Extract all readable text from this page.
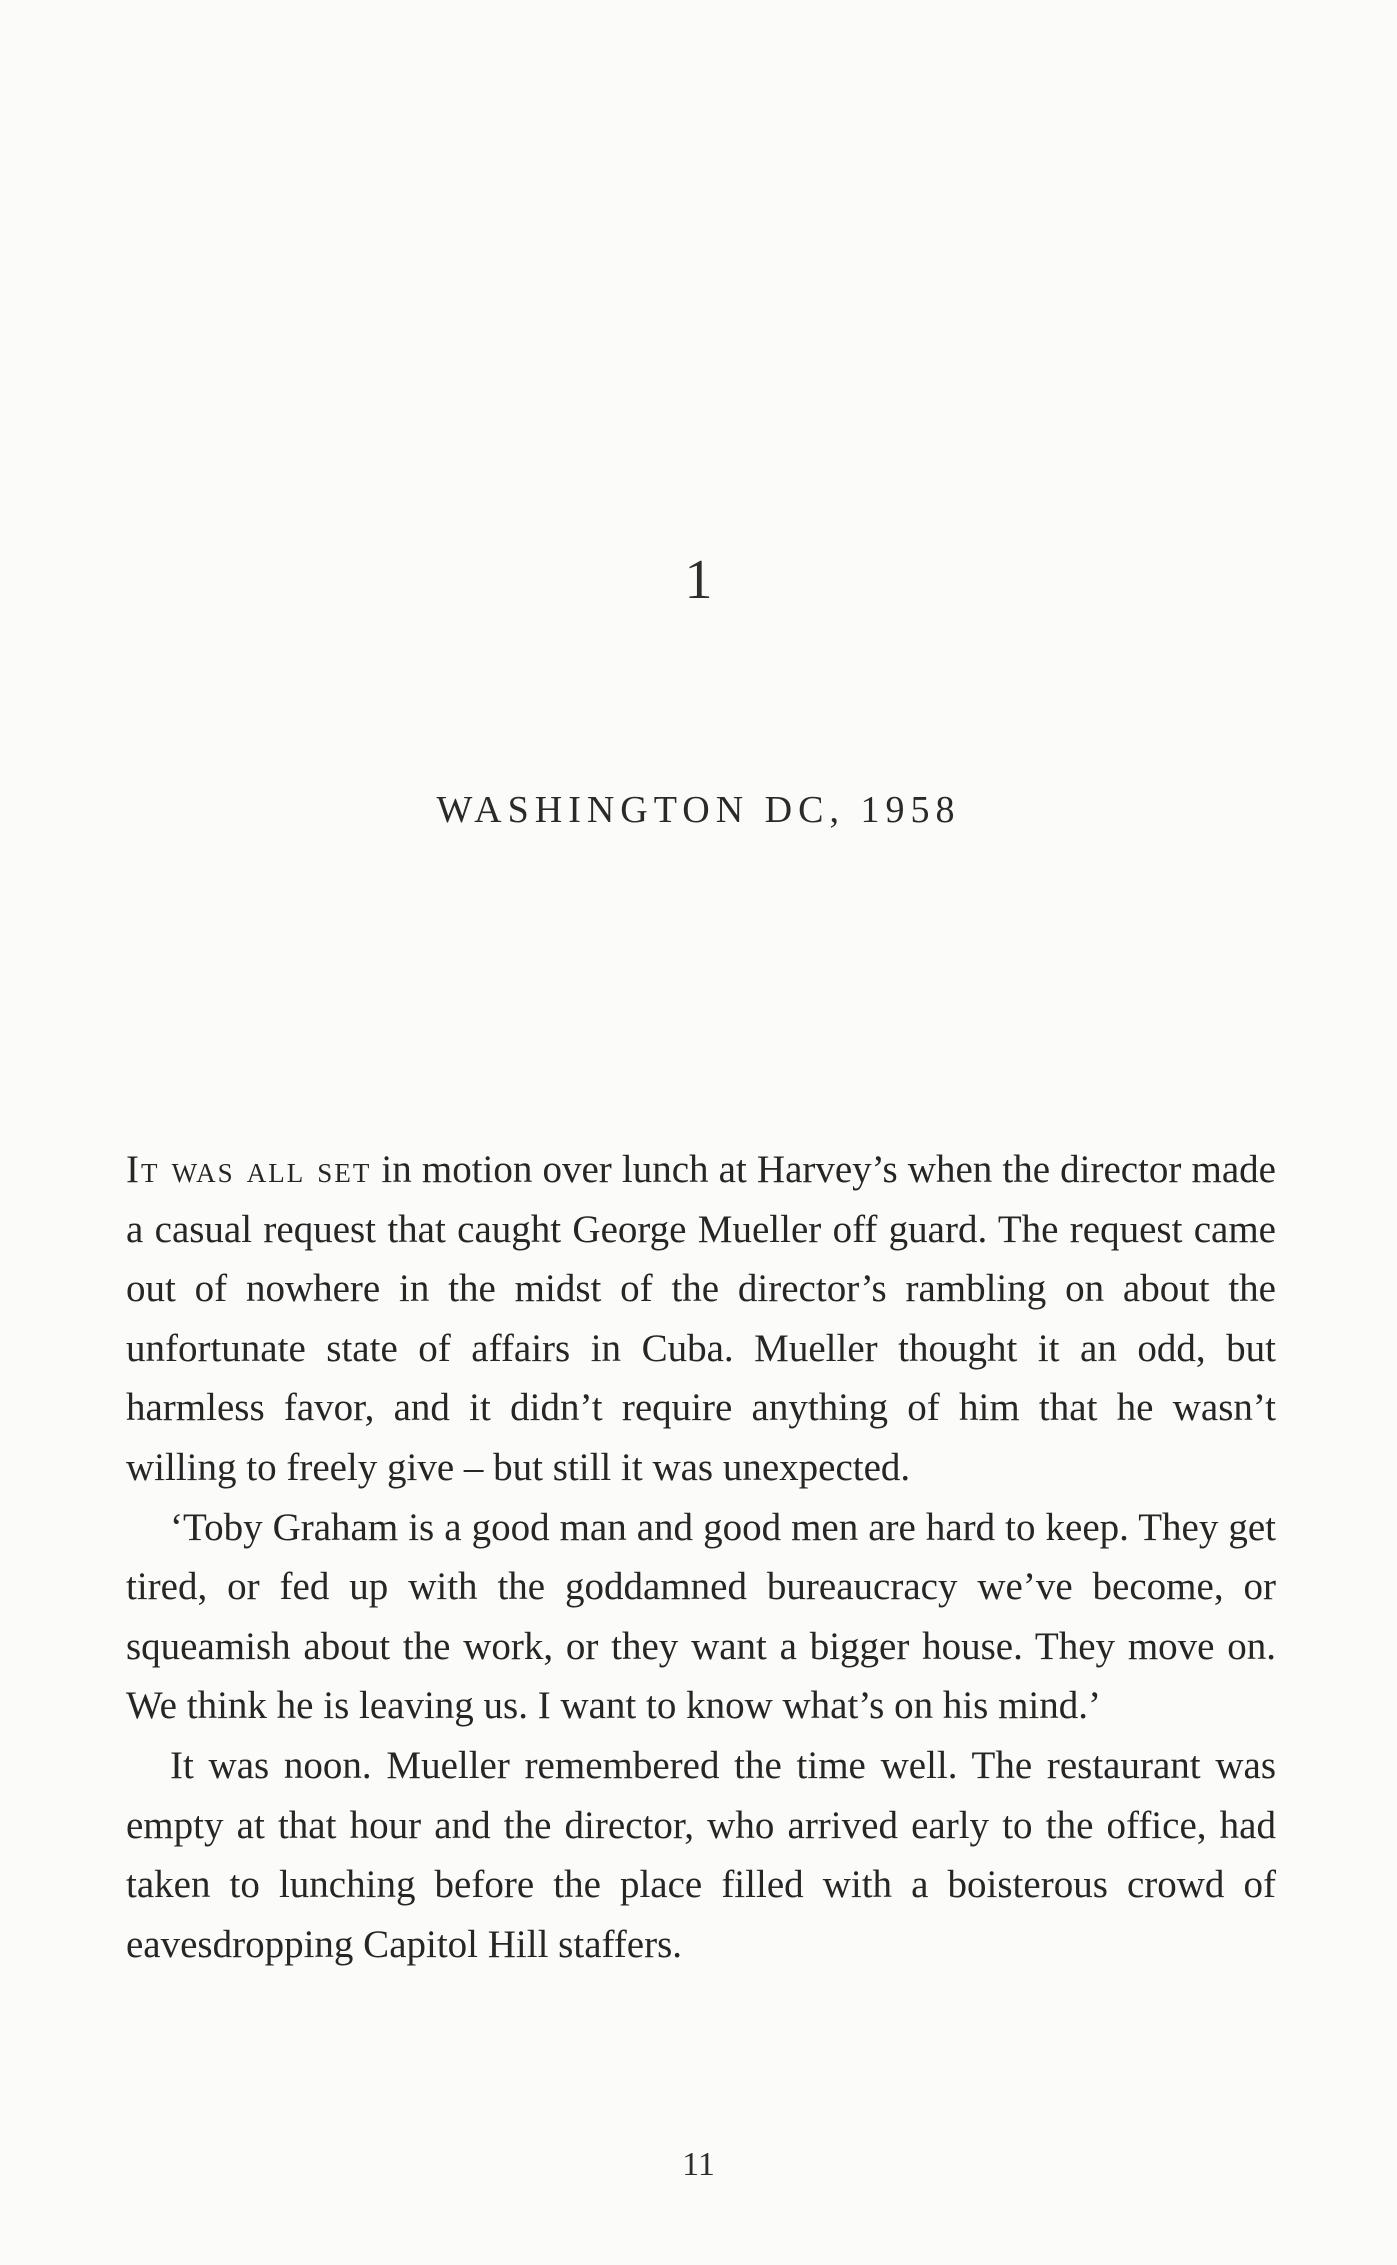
1
WASHINGTON DC, 1958

It was all set in motion over lunch at Harvey’s when the director made a casual request that caught George Mueller off guard. The request came out of nowhere in the midst of the director’s rambling on about the unfortunate state of affairs in Cuba. Mueller thought it an odd, but harmless favor, and it didn’t require anything of him that he wasn’t willing to freely give – but still it was unexpected.

‘Toby Graham is a good man and good men are hard to keep. They get tired, or fed up with the goddamned bureaucracy we’ve become, or squeamish about the work, or they want a bigger house. They move on. We think he is leaving us. I want to know what’s on his mind.’

It was noon. Mueller remembered the time well. The restaurant was empty at that hour and the director, who arrived early to the office, had taken to lunching before the place filled with a boisterous crowd of eavesdropping Capitol Hill staffers.

11
